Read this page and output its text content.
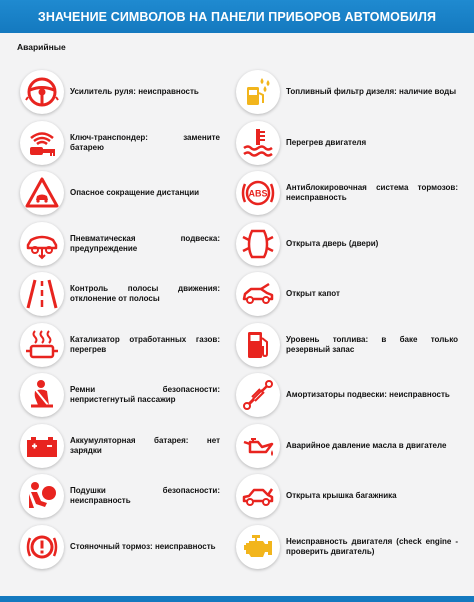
ЗНАЧЕНИЕ СИМВОЛОВ НА ПАНЕЛИ ПРИБОРОВ АВТОМОБИЛЯ
Аварийные
Усилитель руля: неисправность
Ключ-транспондер: замените батарею
Опасное сокращение дистанции
Пневматическая подвеска: предупреждение
Контроль полосы движения: отклонение от полосы
Катализатор отработанных газов: перегрев
Ремни безопасности: непристегнутый пассажир
Аккумуляторная батарея: нет зарядки
Подушки безопасности: неисправность
Стояночный тормоз: неисправность
Топливный фильтр дизеля: наличие воды
Перегрев двигателя
ABS
Антиблокировочная система тормозов: неисправность
Открыта дверь (двери)
Открыт капот
Уровень топлива: в баке только резервный запас
Амортизаторы подвески: неисправность
Аварийное давление масла в двигателе
Открыта крышка багажника
Неисправность двигателя (check engine - проверить двигатель)
